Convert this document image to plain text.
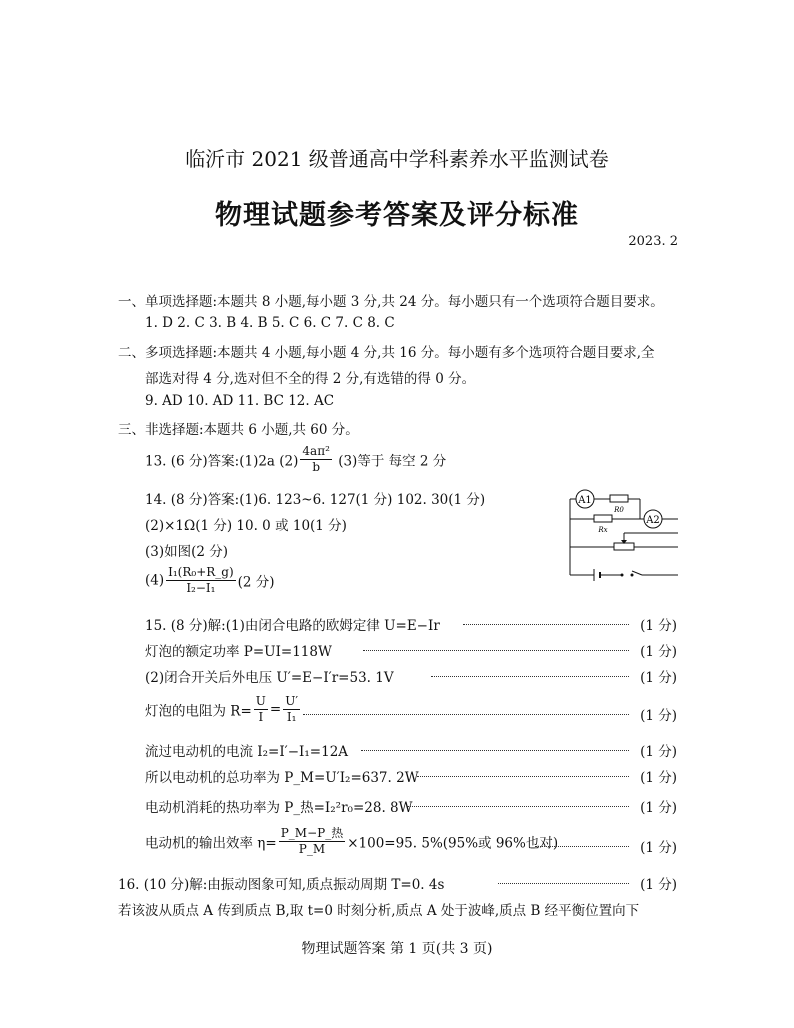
临沂市 2021 级普通高中学科素养水平监测试卷
物理试题参考答案及评分标准
2023. 2
一、单项选择题:本题共 8 小题,每小题 3 分,共 24 分。每小题只有一个选项符合题目要求。
1. D 2. C 3. B 4. B 5. C 6. C 7. C 8. C
二、多项选择题:本题共 4 小题,每小题 4 分,共 16 分。每小题有多个选项符合题目要求,全
部选对得 4 分,选对但不全的得 2 分,有选错的得 0 分。
9. AD 10. AD 11. BC 12. AC
三、非选择题:本题共 6 小题,共 60 分。
13. (6 分)答案:(1)2a $(2) \frac{\text{4aπ²}}{b} (3)$等于 每空 2 分
14. (8 分)答案:(1)6. 123~6. 127(1 分) 102. 30(1 分)
(2)×1Ω(1 分) 10. 0 或 10(1 分)
(3)如图(2 分)
$(4) \frac{\text{I₁(R₀+R\_g)}}{\text{I₂−I₁}} (2$ 分)
A1
R0
Rx
A2
15. (8 分)解:(1)由闭合电路的欧姆定律 U=E−Ir	(1 分)
灯泡的额定功率 P=UI=118W	(1 分)
(2)闭合开关后外电压 U′=E−I′r=53. 1V	(1 分)
灯泡的电阻为 $R= \frac{U}{I} = \frac{U'}{\text{I₁}}$	(1 分)
流过电动机的电流 I₂=I′−I₁=12A	(1 分)
所以电动机的总功率为 P_M=U′I₂=637. 2W	(1 分)
电动机消耗的热功率为 P_热=I₂²r₀=28. 8W	(1 分)
电动机的输出效率 $\eta= \frac{\text{P\_M−P\_热}}{P\_M} \times 100=95$. 5%(95%或 96%也对)	(1 分)
16. (10 分)解:由振动图象可知,质点振动周期 T=0. 4s	(1 分)
若该波从质点 A 传到质点 B,取 t=0 时刻分析,质点 A 处于波峰,质点 B 经平衡位置向下
物理试题答案 第 1 页(共 3 页)
